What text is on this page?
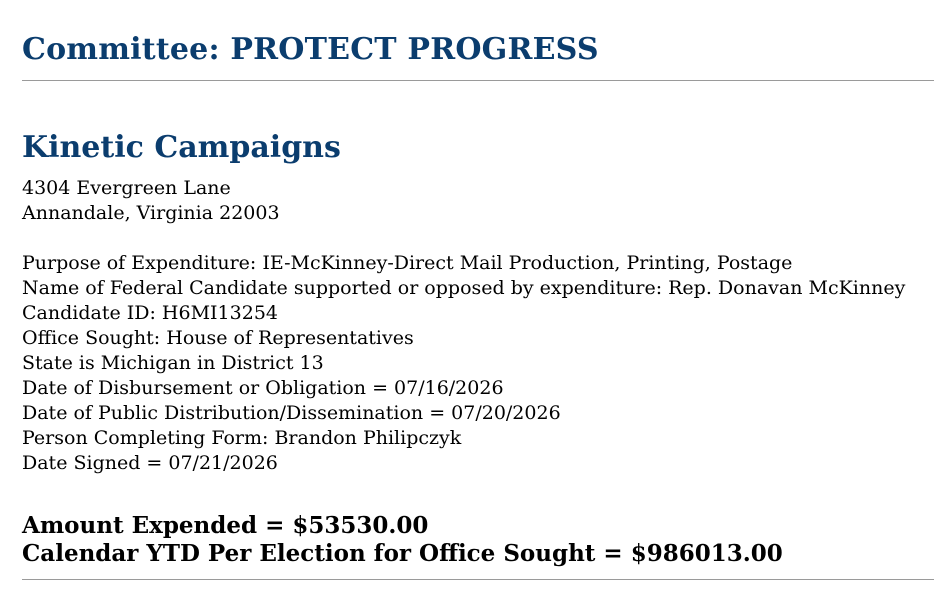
Committee: PROTECT PROGRESS
Kinetic Campaigns
4304 Evergreen Lane
Annandale, Virginia 22003
Purpose of Expenditure: IE-McKinney-Direct Mail Production, Printing, Postage
Name of Federal Candidate supported or opposed by expenditure: Rep. Donavan McKinney
Candidate ID: H6MI13254
Office Sought: House of Representatives
State is Michigan in District 13
Date of Disbursement or Obligation = 07/16/2026
Date of Public Distribution/Dissemination = 07/20/2026
Person Completing Form: Brandon Philipczyk
Date Signed = 07/21/2026
Amount Expended = $53530.00
Calendar YTD Per Election for Office Sought = $986013.00
